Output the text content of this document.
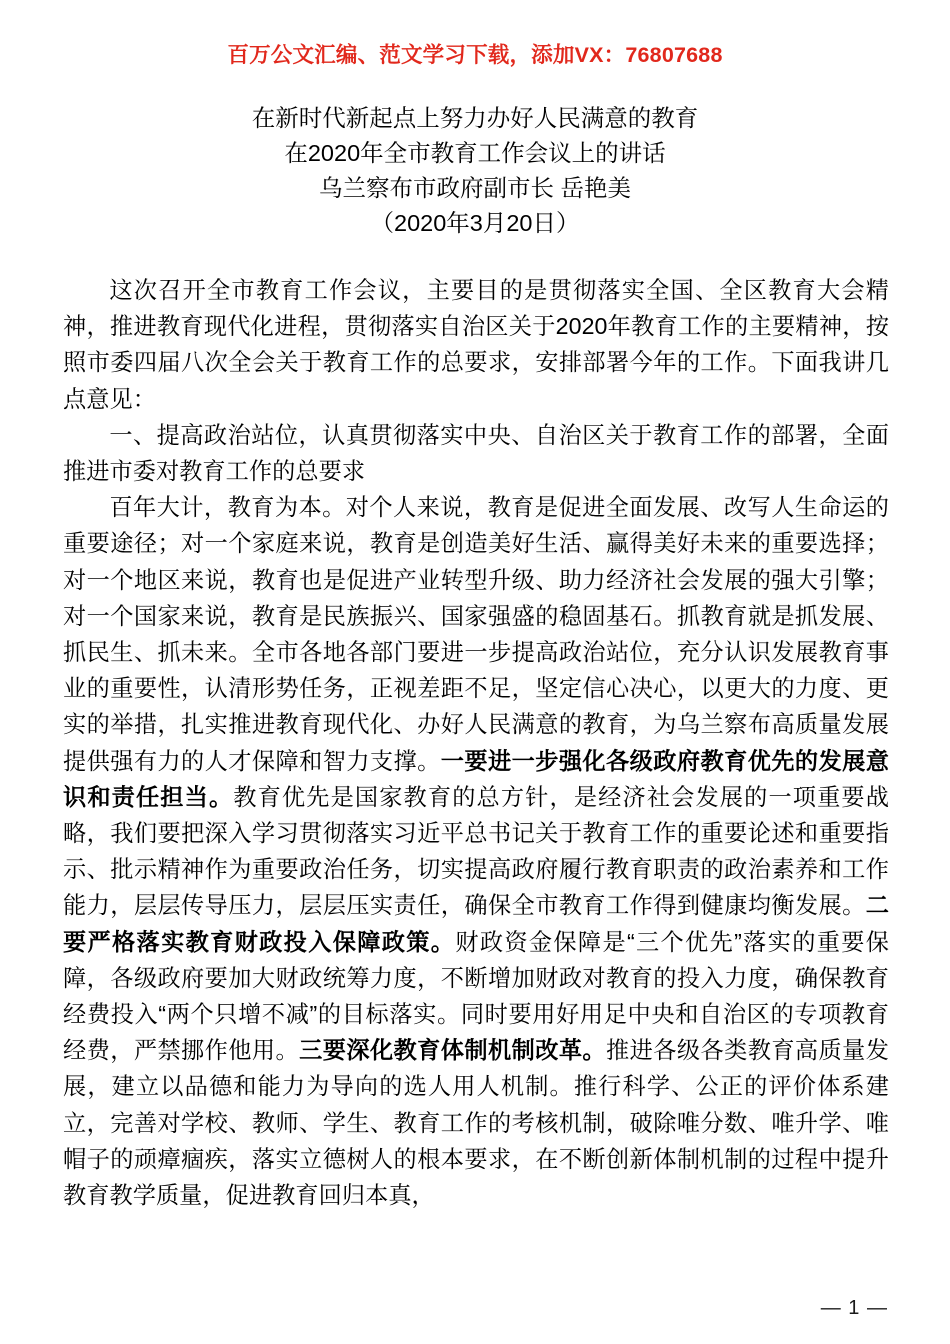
百万公文汇编、范文学习下载，添加VX：76807688
在新时代新起点上努力办好人民满意的教育
在2020年全市教育工作会议上的讲话
乌兰察布市政府副市长 岳艳美
（2020年3月20日）

这次召开全市教育工作会议，主要目的是贯彻落实全国、全区教育大会精神，推进教育现代化进程，贯彻落实自治区关于2020年教育工作的主要精神，按照市委四届八次全会关于教育工作的总要求，安排部署今年的工作。下面我讲几点意见：

一、提高政治站位，认真贯彻落实中央、自治区关于教育工作的部署，全面推进市委对教育工作的总要求

百年大计，教育为本。对个人来说，教育是促进全面发展、改写人生命运的重要途径；对一个家庭来说，教育是创造美好生活、赢得美好未来的重要选择；对一个地区来说，教育也是促进产业转型升级、助力经济社会发展的强大引擎；对一个国家来说，教育是民族振兴、国家强盛的稳固基石。抓教育就是抓发展、抓民生、抓未来。全市各地各部门要进一步提高政治站位，充分认识发展教育事业的重要性，认清形势任务，正视差距不足，坚定信心决心，以更大的力度、更实的举措，扎实推进教育现代化、办好人民满意的教育，为乌兰察布高质量发展提供强有力的人才保障和智力支撑。一要进一步强化各级政府教育优先的发展意识和责任担当。教育优先是国家教育的总方针，是经济社会发展的一项重要战略，我们要把深入学习贯彻落实习近平总书记关于教育工作的重要论述和重要指示、批示精神作为重要政治任务，切实提高政府履行教育职责的政治素养和工作能力，层层传导压力，层层压实责任，确保全市教育工作得到健康均衡发展。二要严格落实教育财政投入保障政策。财政资金保障是“三个优先”落实的重要保障，各级政府要加大财政统筹力度，不断增加财政对教育的投入力度，确保教育经费投入“两个只增不减”的目标落实。同时要用好用足中央和自治区的专项教育经费，严禁挪作他用。三要深化教育体制机制改革。推进各级各类教育高质量发展，建立以品德和能力为导向的选人用人机制。推行科学、公正的评价体系建立，完善对学校、教师、学生、教育工作的考核机制，破除唯分数、唯升学、唯帽子的顽瘴痼疾，落实立德树人的根本要求，在不断创新体制机制的过程中提升教育教学质量，促进教育回归本真，

— 1 —
